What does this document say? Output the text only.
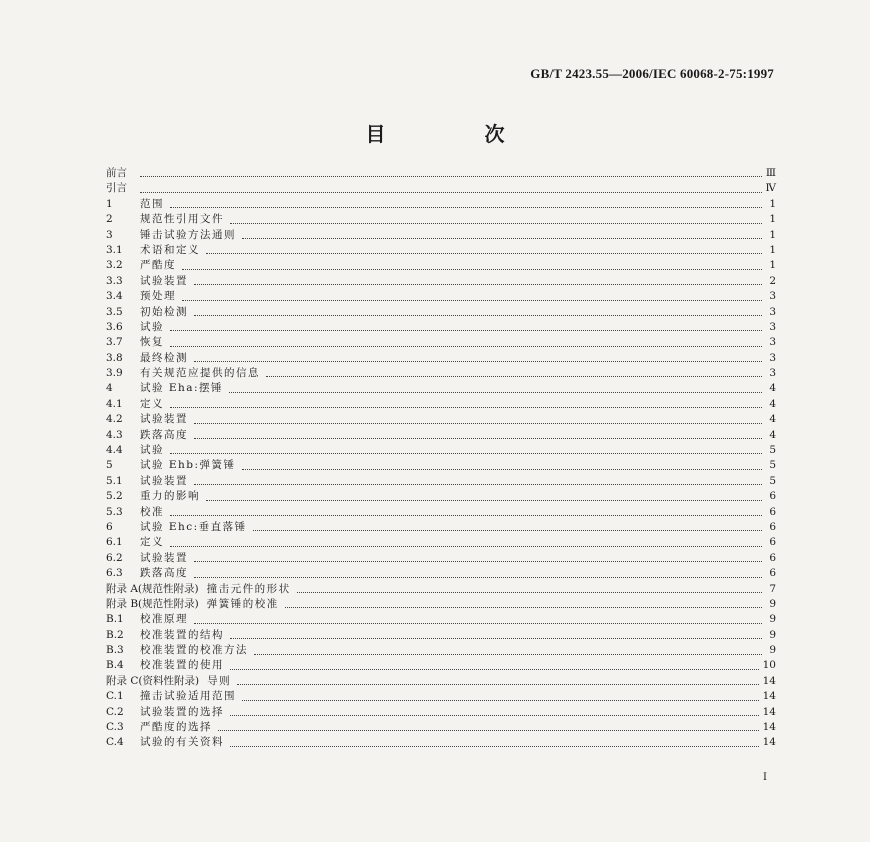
GB/T 2423.55—2006/IEC 60068-2-75:1997
目 次
前言	Ⅲ
引言	Ⅳ
1	范围	1
2	规范性引用文件	1
3	锤击试验方法通则	1
3.1	术语和定义	1
3.2	严酷度	1
3.3	试验装置	2
3.4	预处理	3
3.5	初始检测	3
3.6	试验	3
3.7	恢复	3
3.8	最终检测	3
3.9	有关规范应提供的信息	3
4	试验 Eha:摆锤	4
4.1	定义	4
4.2	试验装置	4
4.3	跌落高度	4
4.4	试验	5
5	试验 Ehb:弹簧锤	5
5.1	试验装置	5
5.2	重力的影响	6
5.3	校准	6
6	试验 Ehc:垂直落锤	6
6.1	定义	6
6.2	试验装置	6
6.3	跌落高度	6
附录 A(规范性附录) 撞击元件的形状	7
附录 B(规范性附录) 弹簧锤的校准	9
B.1	校准原理	9
B.2	校准装置的结构	9
B.3	校准装置的校准方法	9
B.4	校准装置的使用	10
附录 C(资料性附录) 导则	14
C.1	撞击试验适用范围	14
C.2	试验装置的选择	14
C.3	严酷度的选择	14
C.4	试验的有关资料	14
I
